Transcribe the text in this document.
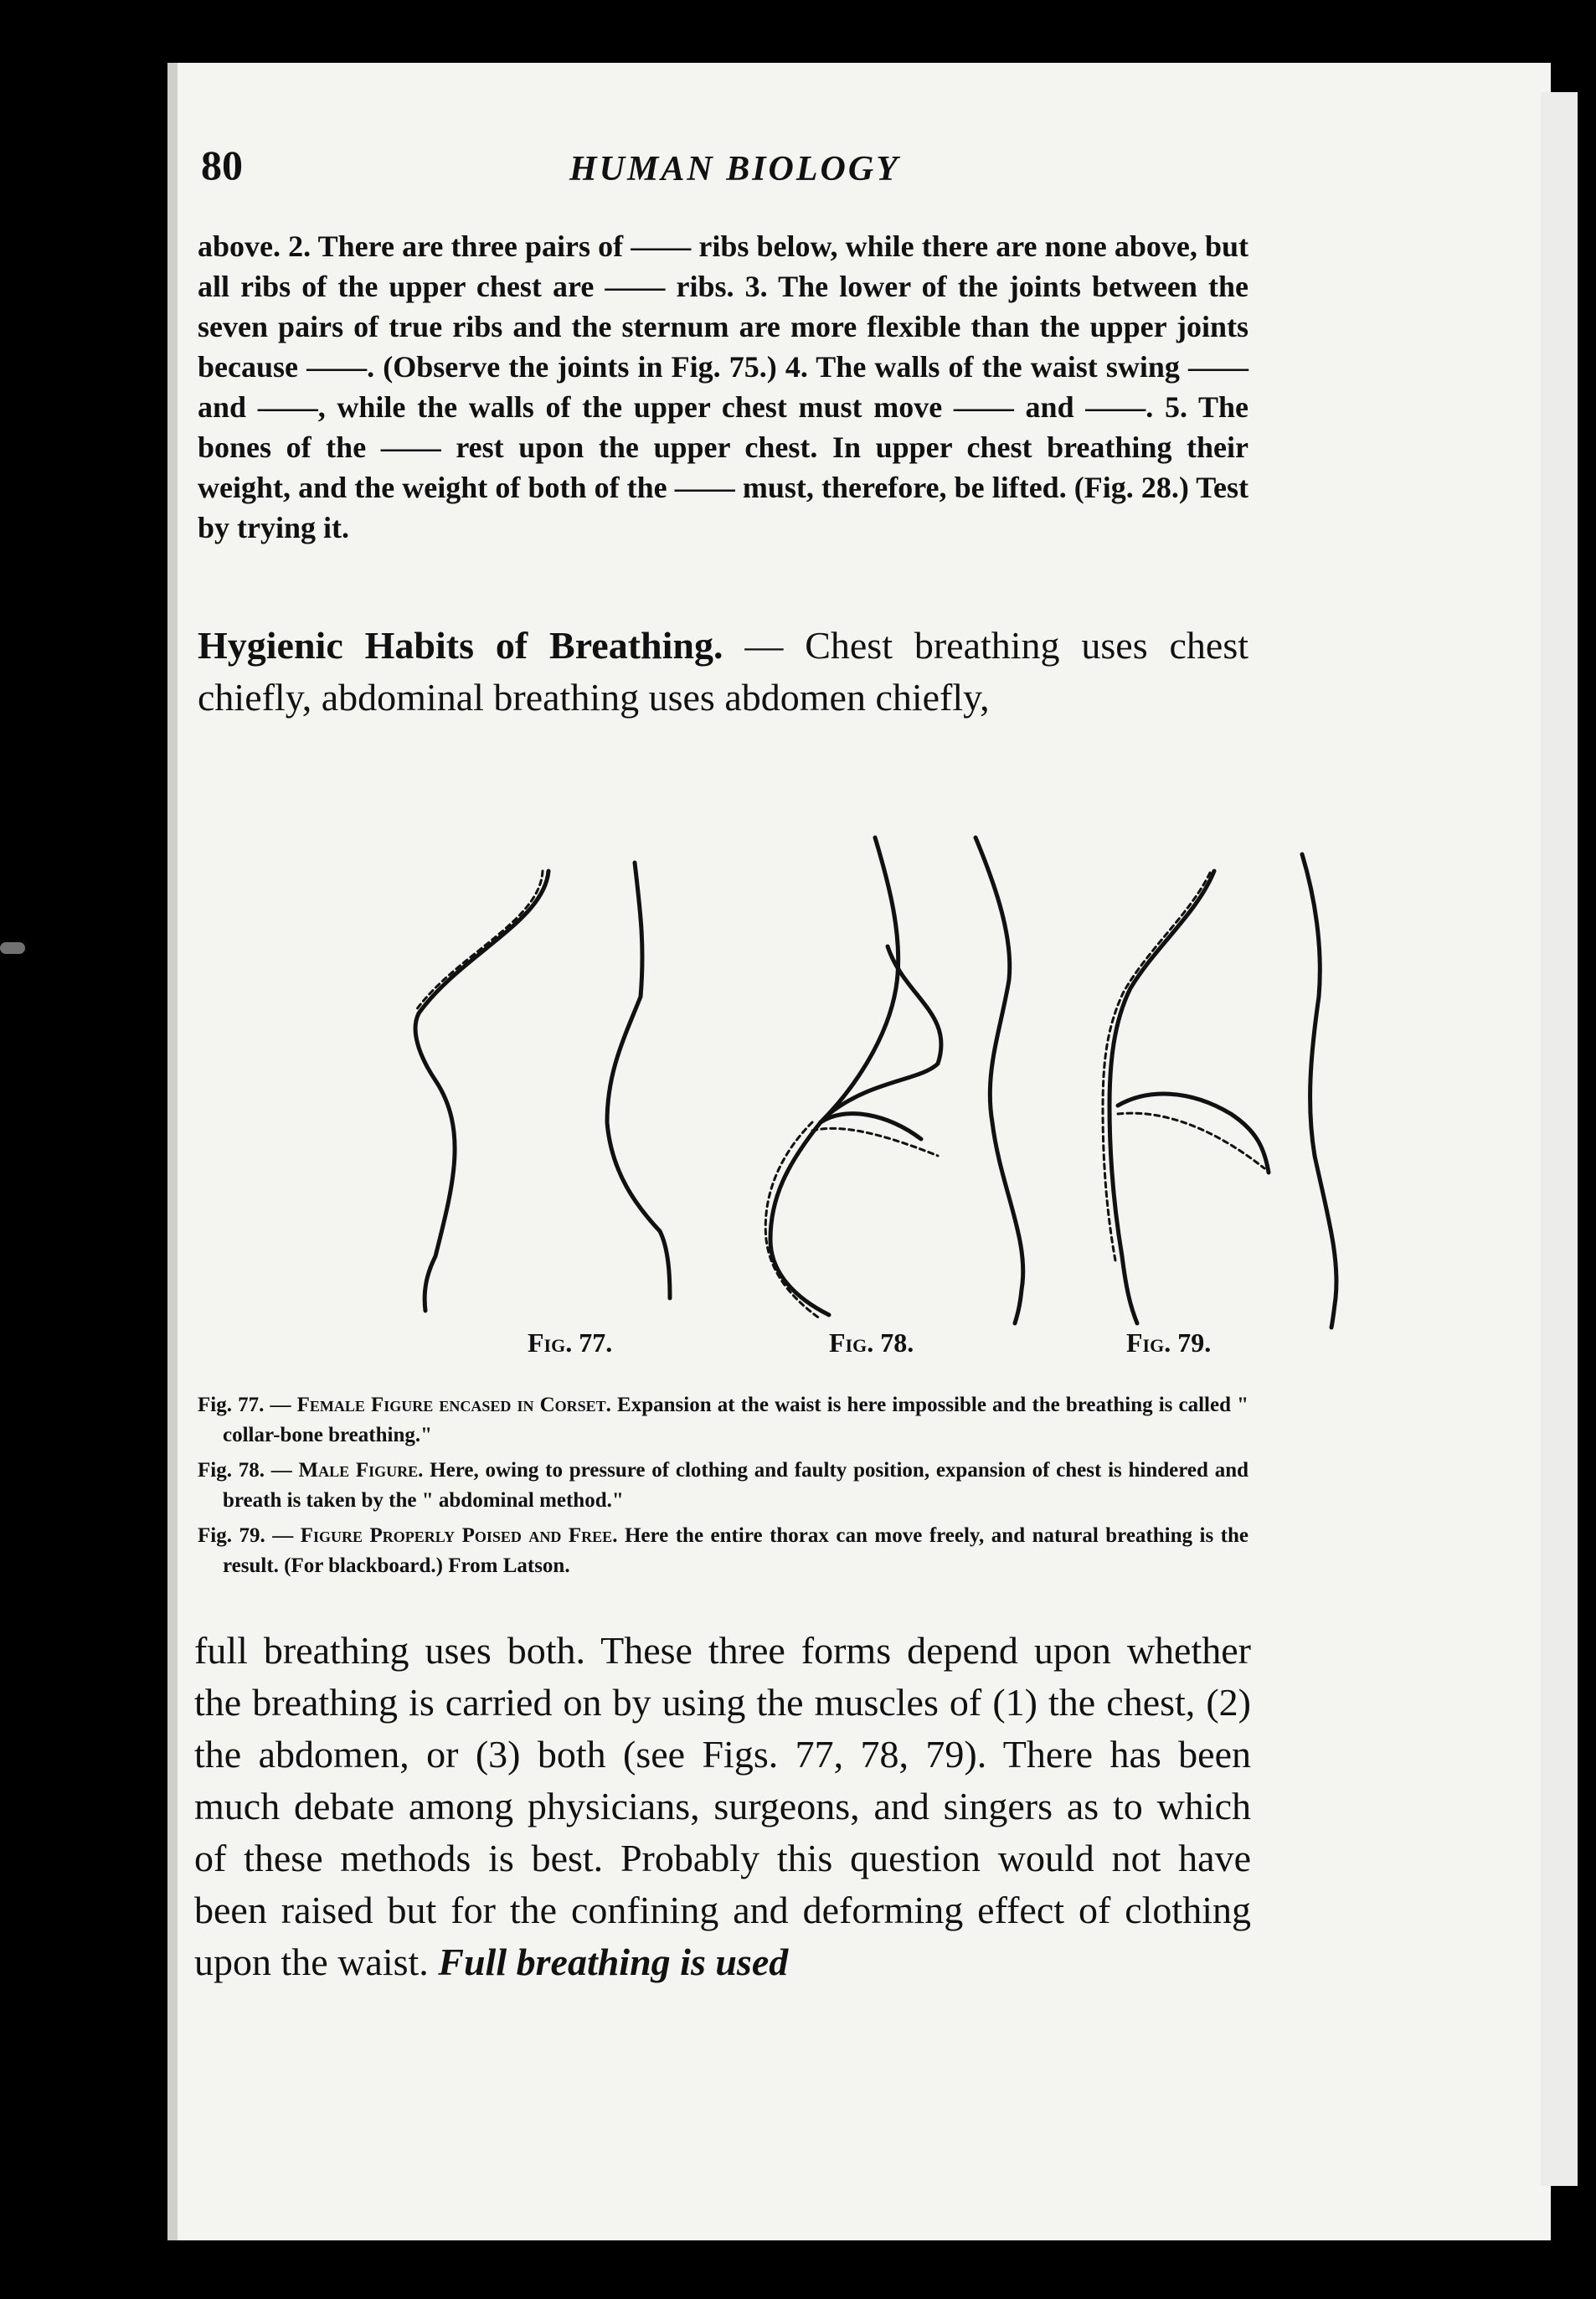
80	HUMAN BIOLOGY
above. 2. There are three pairs of —— ribs below, while there are none above, but all ribs of the upper chest are —— ribs. 3. The lower of the joints between the seven pairs of true ribs and the sternum are more flexible than the upper joints because ——. (Observe the joints in Fig. 75.) 4. The walls of the waist swing —— and ——, while the walls of the upper chest must move —— and ——. 5. The bones of the —— rest upon the upper chest. In upper chest breathing their weight, and the weight of both of the —— must, therefore, be lifted. (Fig. 28.) Test by trying it.
Hygienic Habits of Breathing. — Chest breathing uses chest chiefly, abdominal breathing uses abdomen chiefly,
Fig. 77.	Fig. 78.	Fig. 79.
Fig. 77. — Female Figure encased in Corset. Expansion at the waist is here impossible and the breathing is called " collar-bone breathing."
Fig. 78. — Male Figure. Here, owing to pressure of clothing and faulty position, expansion of chest is hindered and breath is taken by the " abdominal method."
Fig. 79. — Figure Properly Poised and Free. Here the entire thorax can move freely, and natural breathing is the result. (For blackboard.) From Latson.
full breathing uses both. These three forms depend upon whether the breathing is carried on by using the muscles of (1) the chest, (2) the abdomen, or (3) both (see Figs. 77, 78, 79). There has been much debate among physicians, surgeons, and singers as to which of these methods is best. Probably this question would not have been raised but for the confining and deforming effect of clothing upon the waist. Full breathing is used
